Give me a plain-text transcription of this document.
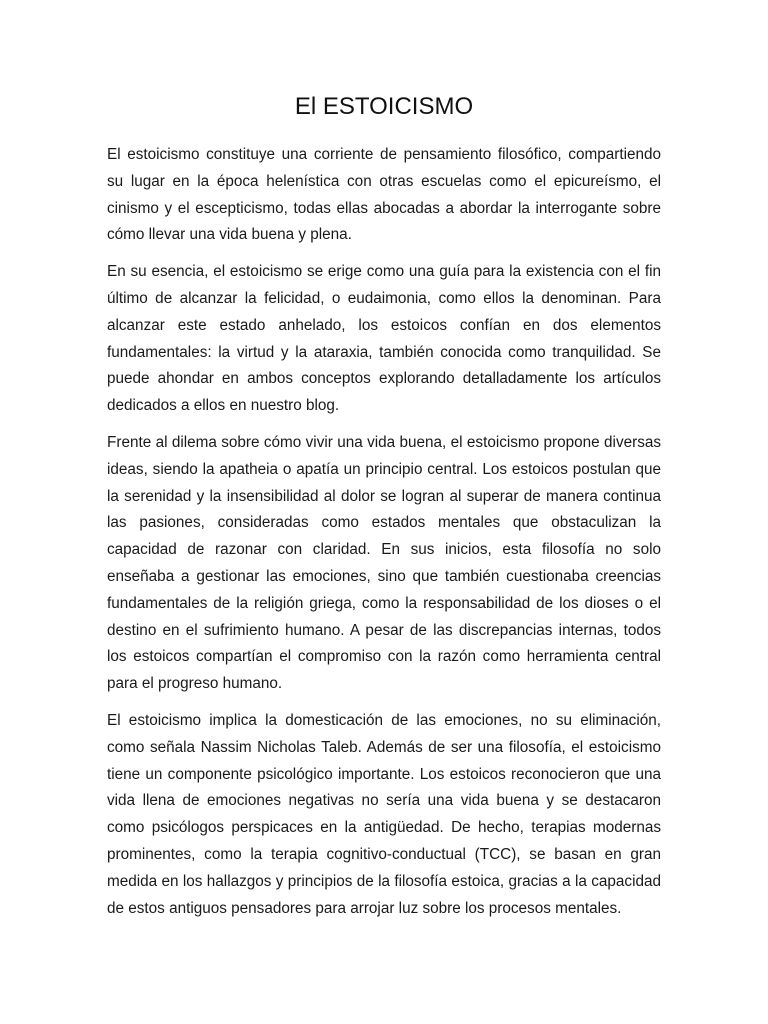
El ESTOICISMO

El estoicismo constituye una corriente de pensamiento filosófico, compartiendo su lugar en la época helenística con otras escuelas como el epicureísmo, el cinismo y el escepticismo, todas ellas abocadas a abordar la interrogante sobre cómo llevar una vida buena y plena.

En su esencia, el estoicismo se erige como una guía para la existencia con el fin último de alcanzar la felicidad, o eudaimonia, como ellos la denominan. Para alcanzar este estado anhelado, los estoicos confían en dos elementos fundamentales: la virtud y la ataraxia, también conocida como tranquilidad. Se puede ahondar en ambos conceptos explorando detalladamente los artículos dedicados a ellos en nuestro blog.

Frente al dilema sobre cómo vivir una vida buena, el estoicismo propone diversas ideas, siendo la apatheia o apatía un principio central. Los estoicos postulan que la serenidad y la insensibilidad al dolor se logran al superar de manera continua las pasiones, consideradas como estados mentales que obstaculizan la capacidad de razonar con claridad. En sus inicios, esta filosofía no solo enseñaba a gestionar las emociones, sino que también cuestionaba creencias fundamentales de la religión griega, como la responsabilidad de los dioses o el destino en el sufrimiento humano. A pesar de las discrepancias internas, todos los estoicos compartían el compromiso con la razón como herramienta central para el progreso humano.

El estoicismo implica la domesticación de las emociones, no su eliminación, como señala Nassim Nicholas Taleb. Además de ser una filosofía, el estoicismo tiene un componente psicológico importante. Los estoicos reconocieron que una vida llena de emociones negativas no sería una vida buena y se destacaron como psicólogos perspicaces en la antigüedad. De hecho, terapias modernas prominentes, como la terapia cognitivo-conductual (TCC), se basan en gran medida en los hallazgos y principios de la filosofía estoica, gracias a la capacidad de estos antiguos pensadores para arrojar luz sobre los procesos mentales.
